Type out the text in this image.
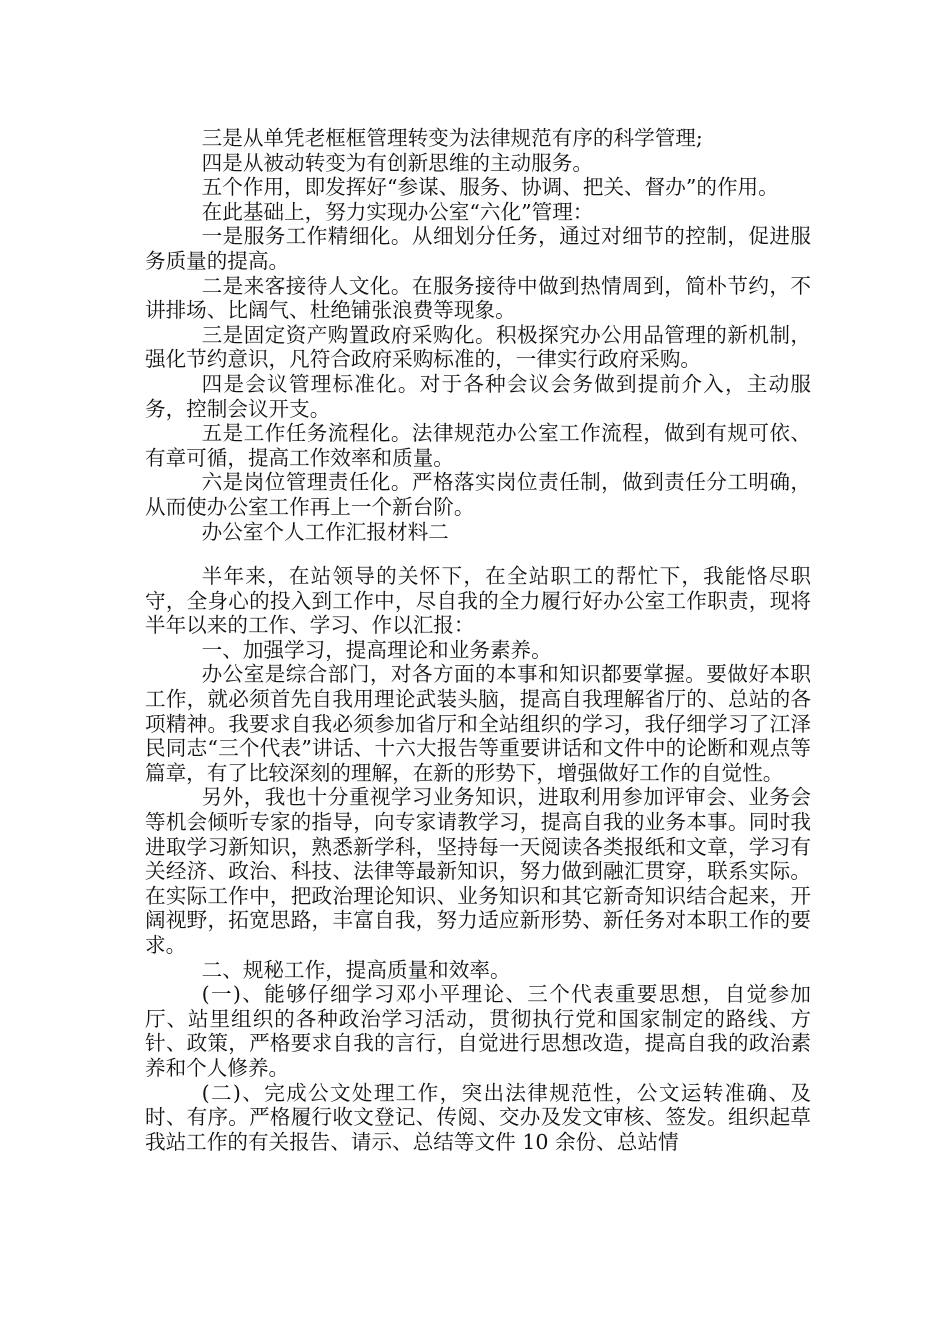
三是从单凭老框框管理转变为法律规范有序的科学管理;

四是从被动转变为有创新思维的主动服务。

五个作用，即发挥好“参谋、服务、协调、把关、督办”的作用。

在此基础上，努力实现办公室“六化”管理：

一是服务工作精细化。从细划分任务，通过对细节的控制，促进服务质量的提高。

二是来客接待人文化。在服务接待中做到热情周到，简朴节约，不讲排场、比阔气、杜绝铺张浪费等现象。

三是固定资产购置政府采购化。积极探究办公用品管理的新机制，强化节约意识，凡符合政府采购标准的，一律实行政府采购。

四是会议管理标准化。对于各种会议会务做到提前介入，主动服务，控制会议开支。

五是工作任务流程化。法律规范办公室工作流程，做到有规可依、有章可循，提高工作效率和质量。

六是岗位管理责任化。严格落实岗位责任制，做到责任分工明确，从而使办公室工作再上一个新台阶。

办公室个人工作汇报材料二

半年来，在站领导的关怀下，在全站职工的帮忙下，我能恪尽职守，全身心的投入到工作中，尽自我的全力履行好办公室工作职责，现将半年以来的工作、学习、作以汇报：

一、加强学习，提高理论和业务素养。

办公室是综合部门，对各方面的本事和知识都要掌握。要做好本职工作，就必须首先自我用理论武装头脑，提高自我理解省厅的、总站的各项精神。我要求自我必须参加省厅和全站组织的学习，我仔细学习了江泽民同志“三个代表”讲话、十六大报告等重要讲话和文件中的论断和观点等篇章，有了比较深刻的理解，在新的形势下，增强做好工作的自觉性。

另外，我也十分重视学习业务知识，进取利用参加评审会、业务会等机会倾听专家的指导，向专家请教学习，提高自我的业务本事。同时我进取学习新知识，熟悉新学科，坚持每一天阅读各类报纸和文章，学习有关经济、政治、科技、法律等最新知识，努力做到融汇贯穿，联系实际。在实际工作中，把政治理论知识、业务知识和其它新奇知识结合起来，开阔视野，拓宽思路，丰富自我，努力适应新形势、新任务对本职工作的要求。

二、规秘工作，提高质量和效率。

(一)、能够仔细学习邓小平理论、三个代表重要思想，自觉参加厅、站里组织的各种政治学习活动，贯彻执行党和国家制定的路线、方针、政策，严格要求自我的言行，自觉进行思想改造，提高自我的政治素养和个人修养。

(二)、完成公文处理工作，突出法律规范性，公文运转准确、及时、有序。严格履行收文登记、传阅、交办及发文审核、签发。组织起草我站工作的有关报告、请示、总结等文件 10 余份、总站情
